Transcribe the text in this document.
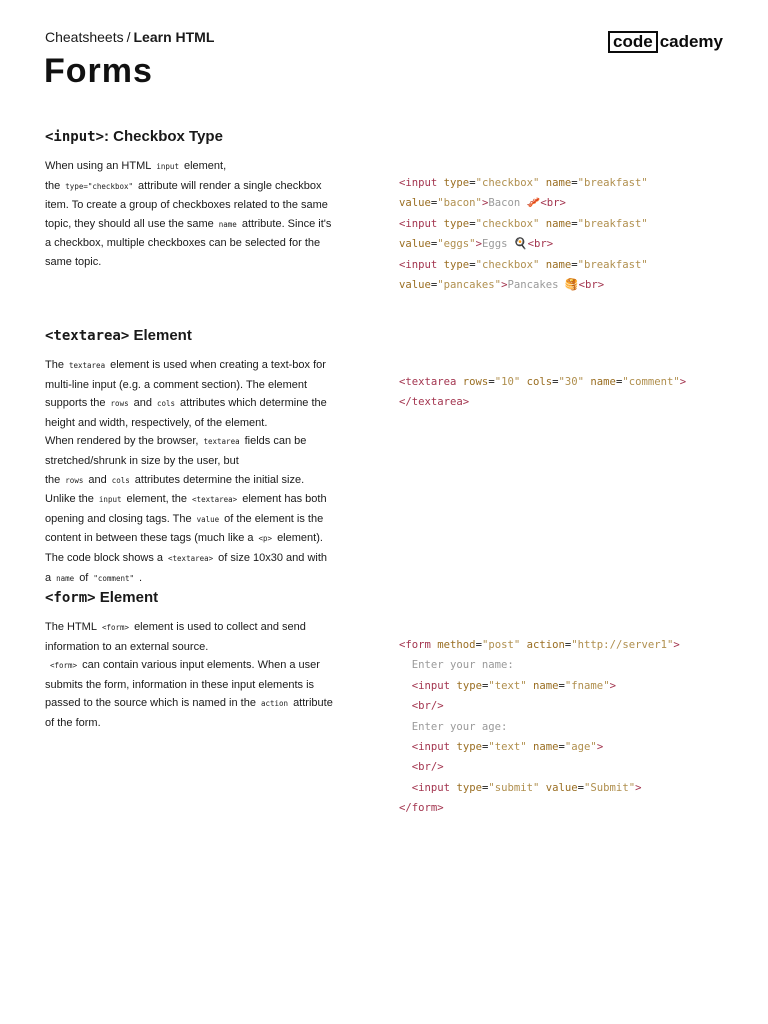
Cheatsheets / Learn HTML	code cademy
Forms
<input>: Checkbox Type

When using an HTML input element, the type="checkbox" attribute will render a single checkbox item. To create a group of checkboxes related to the same topic, they should all use the same name attribute. Since it's a checkbox, multiple checkboxes can be selected for the same topic.

<input type="checkbox" name="breakfast"
value="bacon">Bacon 🥓<br>
<input type="checkbox" name="breakfast"
value="eggs">Eggs 🍳<br>
<input type="checkbox" name="breakfast"
value="pancakes">Pancakes 🥞<br>
<textarea> Element

The textarea element is used when creating a text-box for multi-line input (e.g. a comment section). The element supports the rows and cols attributes which determine the height and width, respectively, of the element.

When rendered by the browser, textarea fields can be stretched/shrunk in size by the user, but the rows and cols attributes determine the initial size.

Unlike the input element, the <textarea> element has both opening and closing tags. The value of the element is the content in between these tags (much like a <p> element). The code block shows a <textarea> of size 10x30 and with a name of "comment" .

<textarea rows="10" cols="30" name="comment">
</textarea>
<form> Element

The HTML <form> element is used to collect and send information to an external source.

<form> can contain various input elements. When a user submits the form, information in these input elements is passed to the source which is named in the action attribute of the form.

<form method="post" action="http://server1">
Enter your name:
<input type="text" name="fname">
<br/>
Enter your age:
<input type="text" name="age">
<br/>
<input type="submit" value="Submit">
</form>
